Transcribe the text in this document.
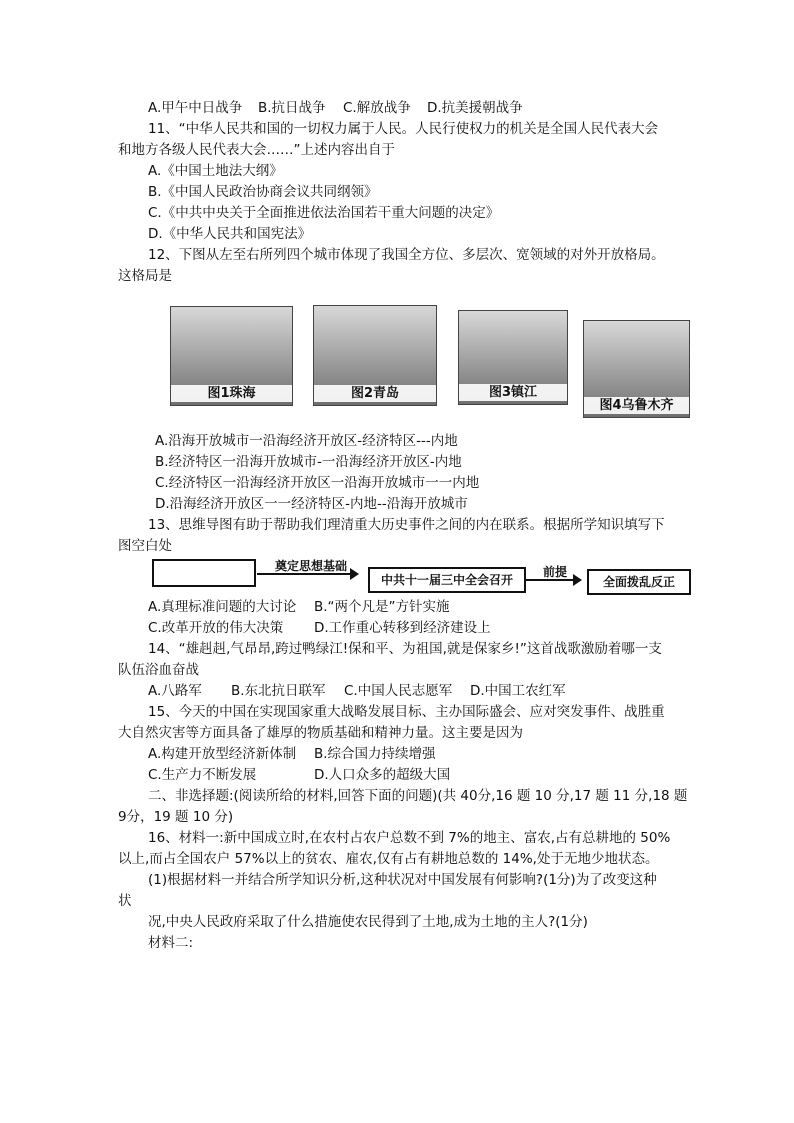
A.甲午中日战争 B.抗日战争 C.解放战争 D.抗美援朝战争
11、“中华人民共和国的一切权力属于人民。人民行使权力的机关是全国人民代表大会
和地方各级人民代表大会……”上述内容出自于
A.《中国土地法大纲》
B.《中国人民政治协商会议共同纲领》
C.《中共中央关于全面推进依法治国若干重大问题的决定》
D.《中华人民共和国宪法》
12、下图从左至右所列四个城市体现了我国全方位、多层次、宽领域的对外开放格局。
这格局是
图1珠海	图2青岛	图3镇江
图4乌鲁木齐
A.沿海开放城市一沿海经济开放区-经济特区---内地
B.经济特区一沿海开放城市-一沿海经济开放区-内地
C.经济特区一沿海经济开放区一沿海开放城市一一内地
D.沿海经济开放区一一经济特区-内地--沿海开放城市
13、思维导图有助于帮助我们理清重大历史事件之间的内在联系。根据所学知识填写下
图空白处
奠定思想基础
中共十一届三中全会召开
前提
全面拨乱反正
A.真理标准问题的大讨论 B.“两个凡是”方针实施
C.改革开放的伟大决策 D.工作重心转移到经济建设上
14、“雄赳赳,气昂昂,跨过鸭绿江!保和平、为祖国,就是保家乡!”这首战歌激励着哪一支
队伍浴血奋战
A.八路军 B.东北抗日联军 C.中国人民志愿军 D.中国工农红军
15、今天的中国在实现国家重大战略发展目标、主办国际盛会、应对突发事件、战胜重
大自然灾害等方面具备了雄厚的物质基础和精神力量。这主要是因为
A.构建开放型经济新体制 B.综合国力持续增强
C.生产力不断发展	D.人口众多的超级大国
二、非选择题:(阅读所给的材料,回答下面的问题)(共 40分,16 题 10 分,17 题 11 分,18 题
9分，19 题 10 分)
16、材料一:新中国成立时,在农村占农户总数不到 7%的地主、富农,占有总耕地的 50%
以上,而占全国农户 57%以上的贫农、雇农,仅有占有耕地总数的 14%,处于无地少地状态。
(1)根据材料一并结合所学知识分析,这种状况对中国发展有何影响?(1分)为了改变这种
状
况,中央人民政府采取了什么措施使农民得到了土地,成为土地的主人?(1分)
材料二:
